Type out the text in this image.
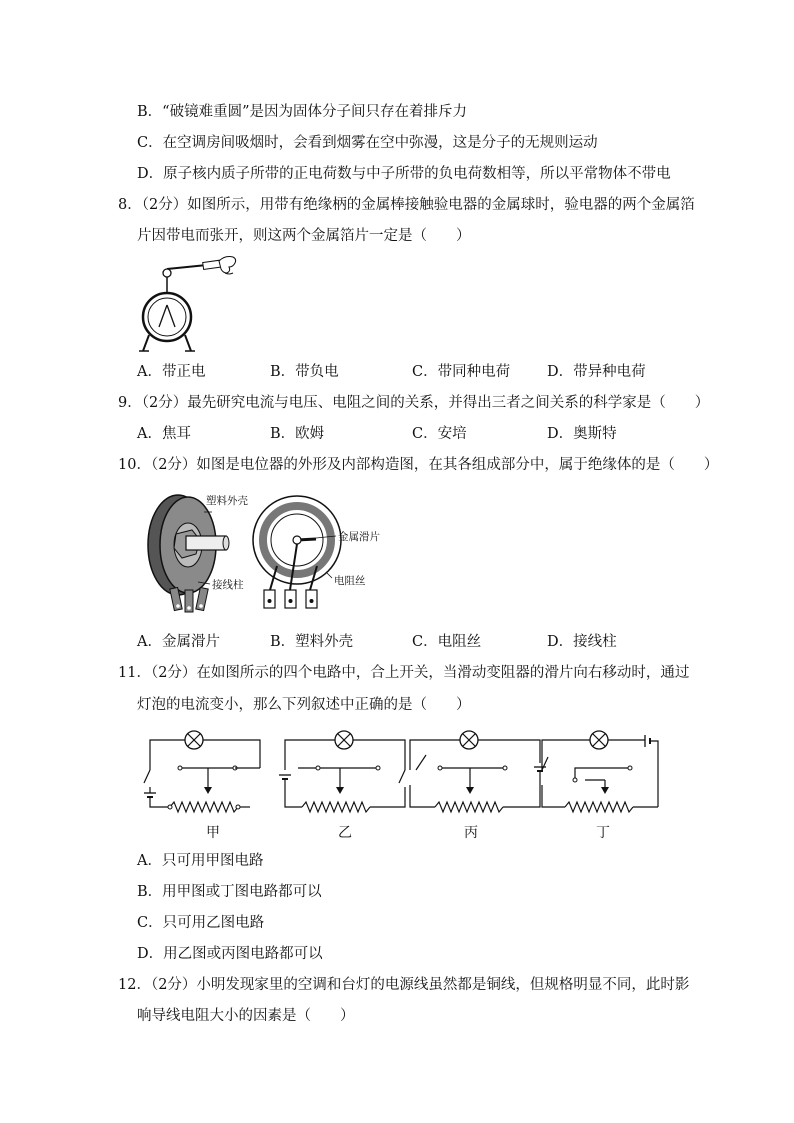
B．“破镜难重圆”是因为固体分子间只存在着排斥力
C．在空调房间吸烟时，会看到烟雾在空中弥漫，这是分子的无规则运动
D．原子核内质子所带的正电荷数与中子所带的负电荷数相等，所以平常物体不带电
8．（2分）如图所示，用带有绝缘柄的金属棒接触验电器的金属球时，验电器的两个金属箔
片因带电而张开，则这两个金属箔片一定是（　　）
A．带正电	B．带负电	C．带同种电荷	D．带异种电荷
9．（2分）最先研究电流与电压、电阻之间的关系，并得出三者之间关系的科学家是（　　）
A．焦耳	B．欧姆	C．安培	D．奥斯特
10．（2分）如图是电位器的外形及内部构造图，在其各组成部分中，属于绝缘体的是（　　）
塑料外壳
接线柱
金属滑片
电阻丝
A．金属滑片	B．塑料外壳	C．电阻丝	D．接线柱
11．（2分）在如图所示的四个电路中，合上开关，当滑动变阻器的滑片向右移动时，通过
灯泡的电流变小，那么下列叙述中正确的是（　　）
甲	乙	丙	丁
A．只可用甲图电路
B．用甲图或丁图电路都可以
C．只可用乙图电路
D．用乙图或丙图电路都可以
12．（2分）小明发现家里的空调和台灯的电源线虽然都是铜线，但规格明显不同，此时影
响导线电阻大小的因素是（　　）
